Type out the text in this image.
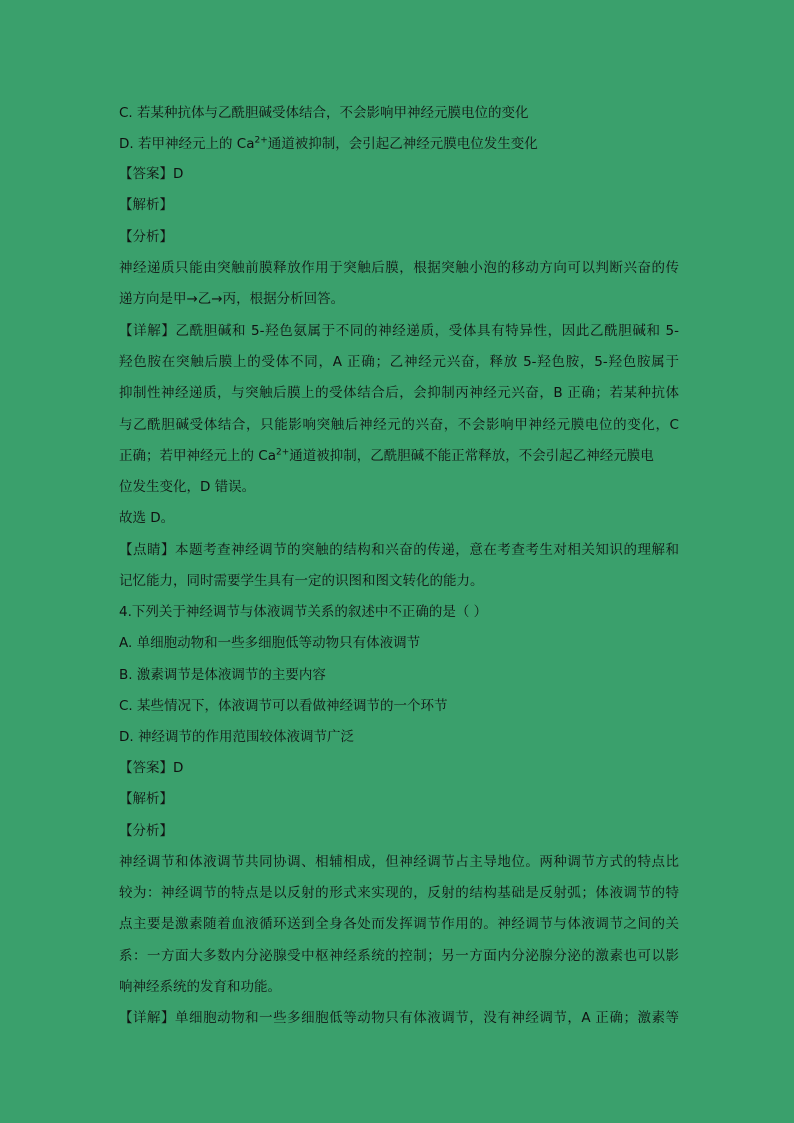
C. 若某种抗体与乙酰胆碱受体结合，不会影响甲神经元膜电位的变化
D. 若甲神经元上的 $Ca^{2+}$通道被抑制，会引起乙神经元膜电位发生变化
【答案】D
【解析】
【分析】
神经递质只能由突触前膜释放作用于突触后膜，根据突触小泡的移动方向可以判断兴奋的传
递方向是甲→乙→丙，根据分析回答。
【详解】乙酰胆碱和 5-羟色氨属于不同的神经递质，受体具有特异性，因此乙酰胆碱和 5-
羟色胺在突触后膜上的受体不同，A 正确；乙神经元兴奋，释放 5-羟色胺，5-羟色胺属于
抑制性神经递质，与突触后膜上的受体结合后，会抑制丙神经元兴奋，B 正确；若某种抗体
与乙酰胆碱受体结合，只能影响突触后神经元的兴奋，不会影响甲神经元膜电位的变化，C
正确；若甲神经元上的 $Ca^{2+}$通道被抑制，乙酰胆碱不能正常释放，不会引起乙神经元膜电
位发生变化，D 错误。
故选 D。
【点睛】本题考查神经调节的突触的结构和兴奋的传递，意在考查考生对相关知识的理解和
记忆能力，同时需要学生具有一定的识图和图文转化的能力。
4.下列关于神经调节与体液调节关系的叙述中不正确的是（ ）
A. 单细胞动物和一些多细胞低等动物只有体液调节
B. 激素调节是体液调节的主要内容
C. 某些情况下，体液调节可以看做神经调节的一个环节
D. 神经调节的作用范围较体液调节广泛
【答案】D
【解析】
【分析】
神经调节和体液调节共同协调、相辅相成，但神经调节占主导地位。两种调节方式的特点比
较为：神经调节的特点是以反射的形式来实现的，反射的结构基础是反射弧；体液调节的特
点主要是激素随着血液循环送到全身各处而发挥调节作用的。神经调节与体液调节之间的关
系：一方面大多数内分泌腺受中枢神经系统的控制；另一方面内分泌腺分泌的激素也可以影
响神经系统的发育和功能。
【详解】单细胞动物和一些多细胞低等动物只有体液调节，没有神经调节，A 正确；激素等
